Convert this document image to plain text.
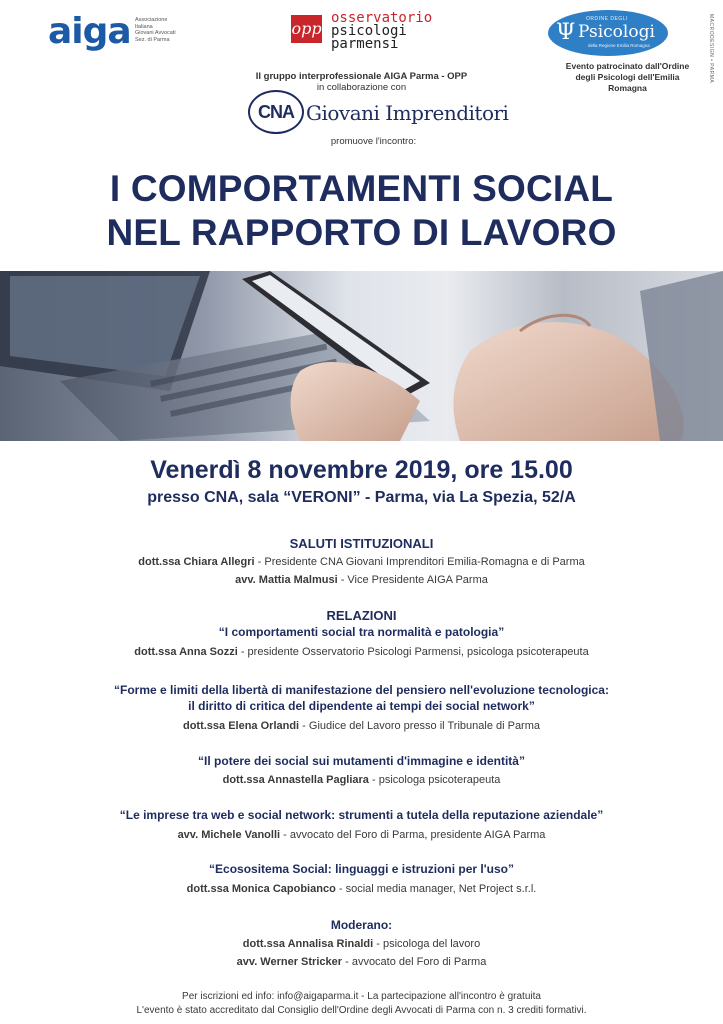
aiga Associazione
Italiana
Giovani Avvocati
Sez. di Parma
opp
osservatorio
psicologi
parmensi	Ψ
ORDINE DEGLI
Psicologi
della Regione Emilia Romagna
Evento patrocinato dall'Ordine
degli Psicologi dell'Emilia Romagna
MACRODESIGN • PARMA
Il gruppo interprofessionale AIGA Parma - OPP
in collaborazione con
CNA Giovani Imprenditori
promuove l'incontro:
I COMPORTAMENTI SOCIAL
NEL RAPPORTO DI LAVORO
Venerdì 8 novembre 2019, ore 15.00
presso CNA, sala “VERONI” - Parma, via La Spezia, 52/A
SALUTI ISTITUZIONALI
dott.ssa Chiara Allegri - Presidente CNA Giovani Imprenditori Emilia-Romagna e di Parma
avv. Mattia Malmusi - Vice Presidente AIGA Parma
RELAZIONI
“I comportamenti social tra normalità e patologia”
dott.ssa Anna Sozzi - presidente Osservatorio Psicologi Parmensi, psicologa psicoterapeuta
“Forme e limiti della libertà di manifestazione del pensiero nell'evoluzione tecnologica:
il diritto di critica del dipendente ai tempi dei social network”
dott.ssa Elena Orlandi - Giudice del Lavoro presso il Tribunale di Parma
“Il potere dei social sui mutamenti d'immagine e identità”
dott.ssa Annastella Pagliara - psicologa psicoterapeuta
“Le imprese tra web e social network: strumenti a tutela della reputazione aziendale”
avv. Michele Vanolli - avvocato del Foro di Parma, presidente AIGA Parma
“Ecosositema Social: linguaggi e istruzioni per l'uso”
dott.ssa Monica Capobianco - social media manager, Net Project s.r.l.
Moderano:
dott.ssa Annalisa Rinaldi - psicologa del lavoro
avv. Werner Stricker - avvocato del Foro di Parma
Per iscrizioni ed info: info@aigaparma.it - La partecipazione all'incontro è gratuita
L'evento è stato accreditato dal Consiglio dell'Ordine degli Avvocati di Parma con n. 3 crediti formativi.
